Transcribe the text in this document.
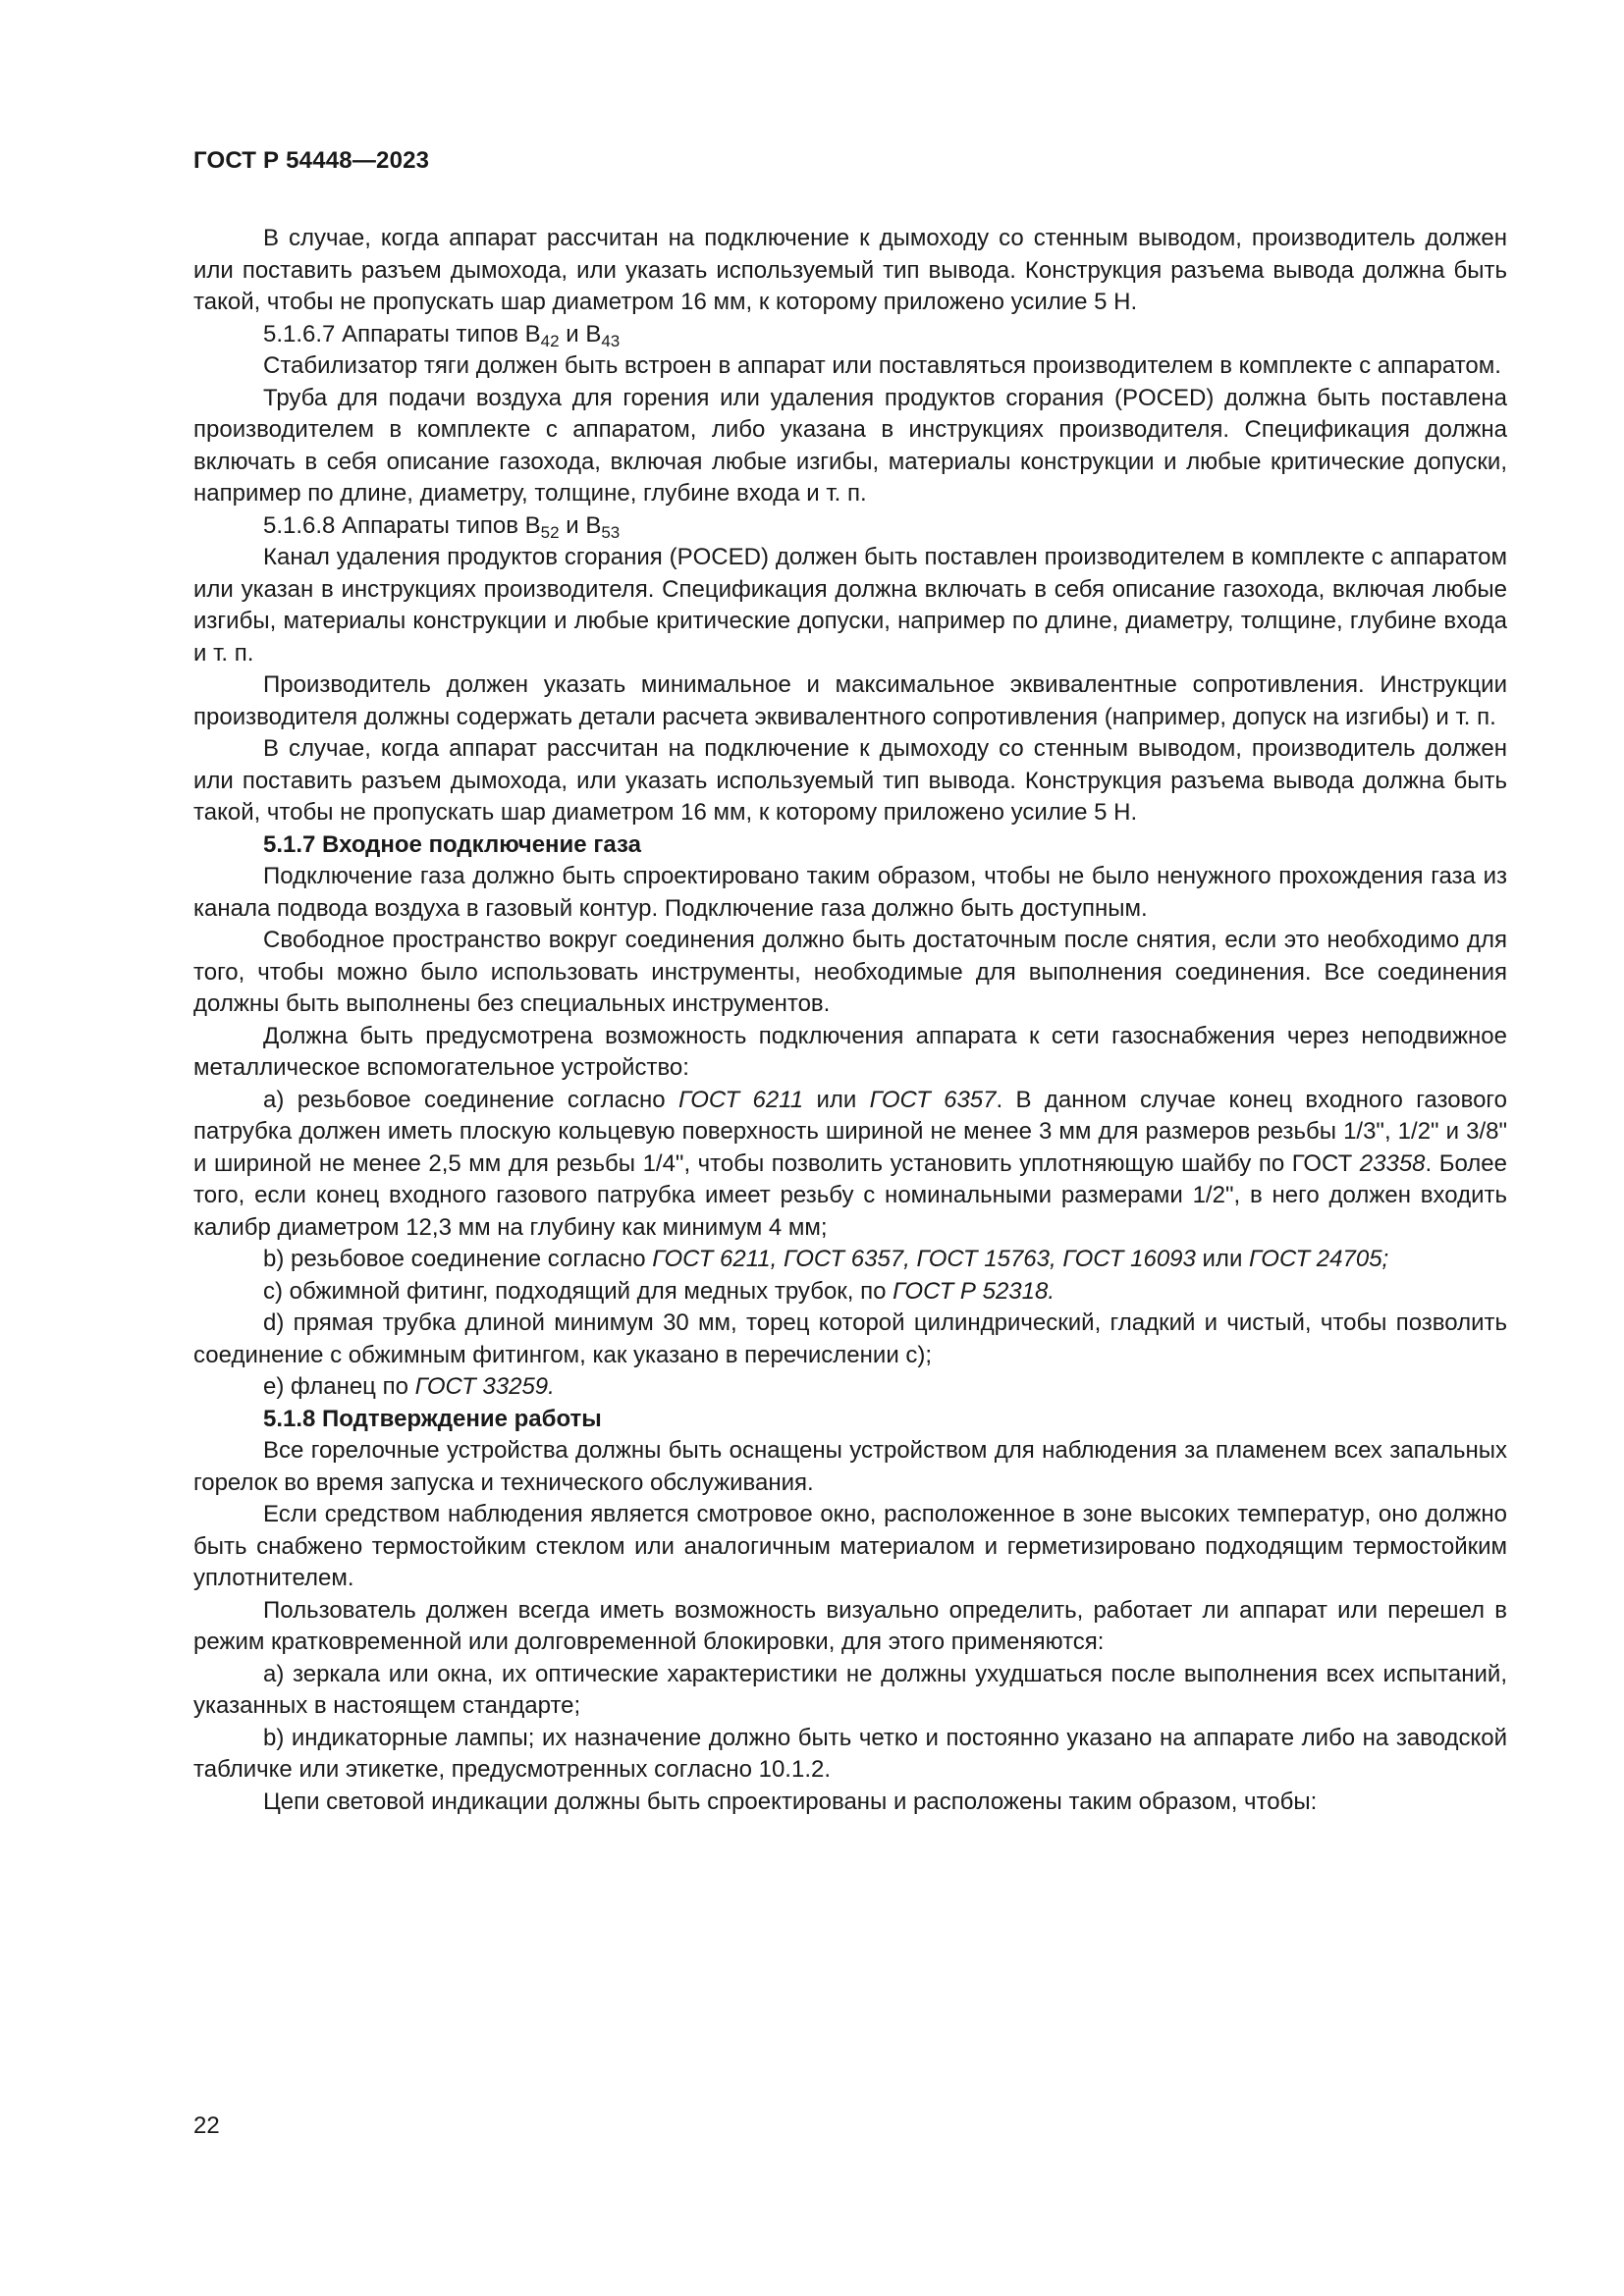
ГОСТ Р 54448—2023

В случае, когда аппарат рассчитан на подключение к дымоходу со стенным выводом, производитель должен или поставить разъем дымохода, или указать используемый тип вывода. Конструкция разъема вывода должна быть такой, чтобы не пропускать шар диаметром 16 мм, к которому приложено усилие 5 Н.

5.1.6.7 Аппараты типов $B_{42}$ и $B_{43}$

Стабилизатор тяги должен быть встроен в аппарат или поставляться производителем в комплекте с аппаратом.

Труба для подачи воздуха для горения или удаления продуктов сгорания (POCED) должна быть поставлена производителем в комплекте с аппаратом, либо указана в инструкциях производителя. Спецификация должна включать в себя описание газохода, включая любые изгибы, материалы конструкции и любые критические допуски, например по длине, диаметру, толщине, глубине входа и т. п.

5.1.6.8 Аппараты типов $B_{52}$ и $B_{53}$

Канал удаления продуктов сгорания (POCED) должен быть поставлен производителем в комплекте с аппаратом или указан в инструкциях производителя. Спецификация должна включать в себя описание газохода, включая любые изгибы, материалы конструкции и любые критические допуски, например по длине, диаметру, толщине, глубине входа и т. п.

Производитель должен указать минимальное и максимальное эквивалентные сопротивления. Инструкции производителя должны содержать детали расчета эквивалентного сопротивления (например, допуск на изгибы) и т. п.

В случае, когда аппарат рассчитан на подключение к дымоходу со стенным выводом, производитель должен или поставить разъем дымохода, или указать используемый тип вывода. Конструкция разъема вывода должна быть такой, чтобы не пропускать шар диаметром 16 мм, к которому приложено усилие 5 Н.

5.1.7 Входное подключение газа

Подключение газа должно быть спроектировано таким образом, чтобы не было ненужного прохождения газа из канала подвода воздуха в газовый контур. Подключение газа должно быть доступным.

Свободное пространство вокруг соединения должно быть достаточным после снятия, если это необходимо для того, чтобы можно было использовать инструменты, необходимые для выполнения соединения. Все соединения должны быть выполнены без специальных инструментов.

Должна быть предусмотрена возможность подключения аппарата к сети газоснабжения через неподвижное металлическое вспомогательное устройство:

a) резьбовое соединение согласно ГОСТ 6211 или ГОСТ 6357. В данном случае конец входного газового патрубка должен иметь плоскую кольцевую поверхность шириной не менее 3 мм для размеров резьбы 1/3", 1/2" и 3/8" и шириной не менее 2,5 мм для резьбы 1/4", чтобы позволить установить уплотняющую шайбу по ГОСТ 23358. Более того, если конец входного газового патрубка имеет резьбу с номинальными размерами 1/2", в него должен входить калибр диаметром 12,3 мм на глубину как минимум 4 мм;

b) резьбовое соединение согласно ГОСТ 6211, ГОСТ 6357, ГОСТ 15763, ГОСТ 16093 или ГОСТ 24705;

c) обжимной фитинг, подходящий для медных трубок, по ГОСТ Р 52318.

d) прямая трубка длиной минимум 30 мм, торец которой цилиндрический, гладкий и чистый, чтобы позволить соединение с обжимным фитингом, как указано в перечислении с);

e) фланец по ГОСТ 33259.

5.1.8 Подтверждение работы

Все горелочные устройства должны быть оснащены устройством для наблюдения за пламенем всех запальных горелок во время запуска и технического обслуживания.

Если средством наблюдения является смотровое окно, расположенное в зоне высоких температур, оно должно быть снабжено термостойким стеклом или аналогичным материалом и герметизировано подходящим термостойким уплотнителем.

Пользователь должен всегда иметь возможность визуально определить, работает ли аппарат или перешел в режим кратковременной или долговременной блокировки, для этого применяются:

a) зеркала или окна, их оптические характеристики не должны ухудшаться после выполнения всех испытаний, указанных в настоящем стандарте;

b) индикаторные лампы; их назначение должно быть четко и постоянно указано на аппарате либо на заводской табличке или этикетке, предусмотренных согласно 10.1.2.

Цепи световой индикации должны быть спроектированы и расположены таким образом, чтобы:

22
